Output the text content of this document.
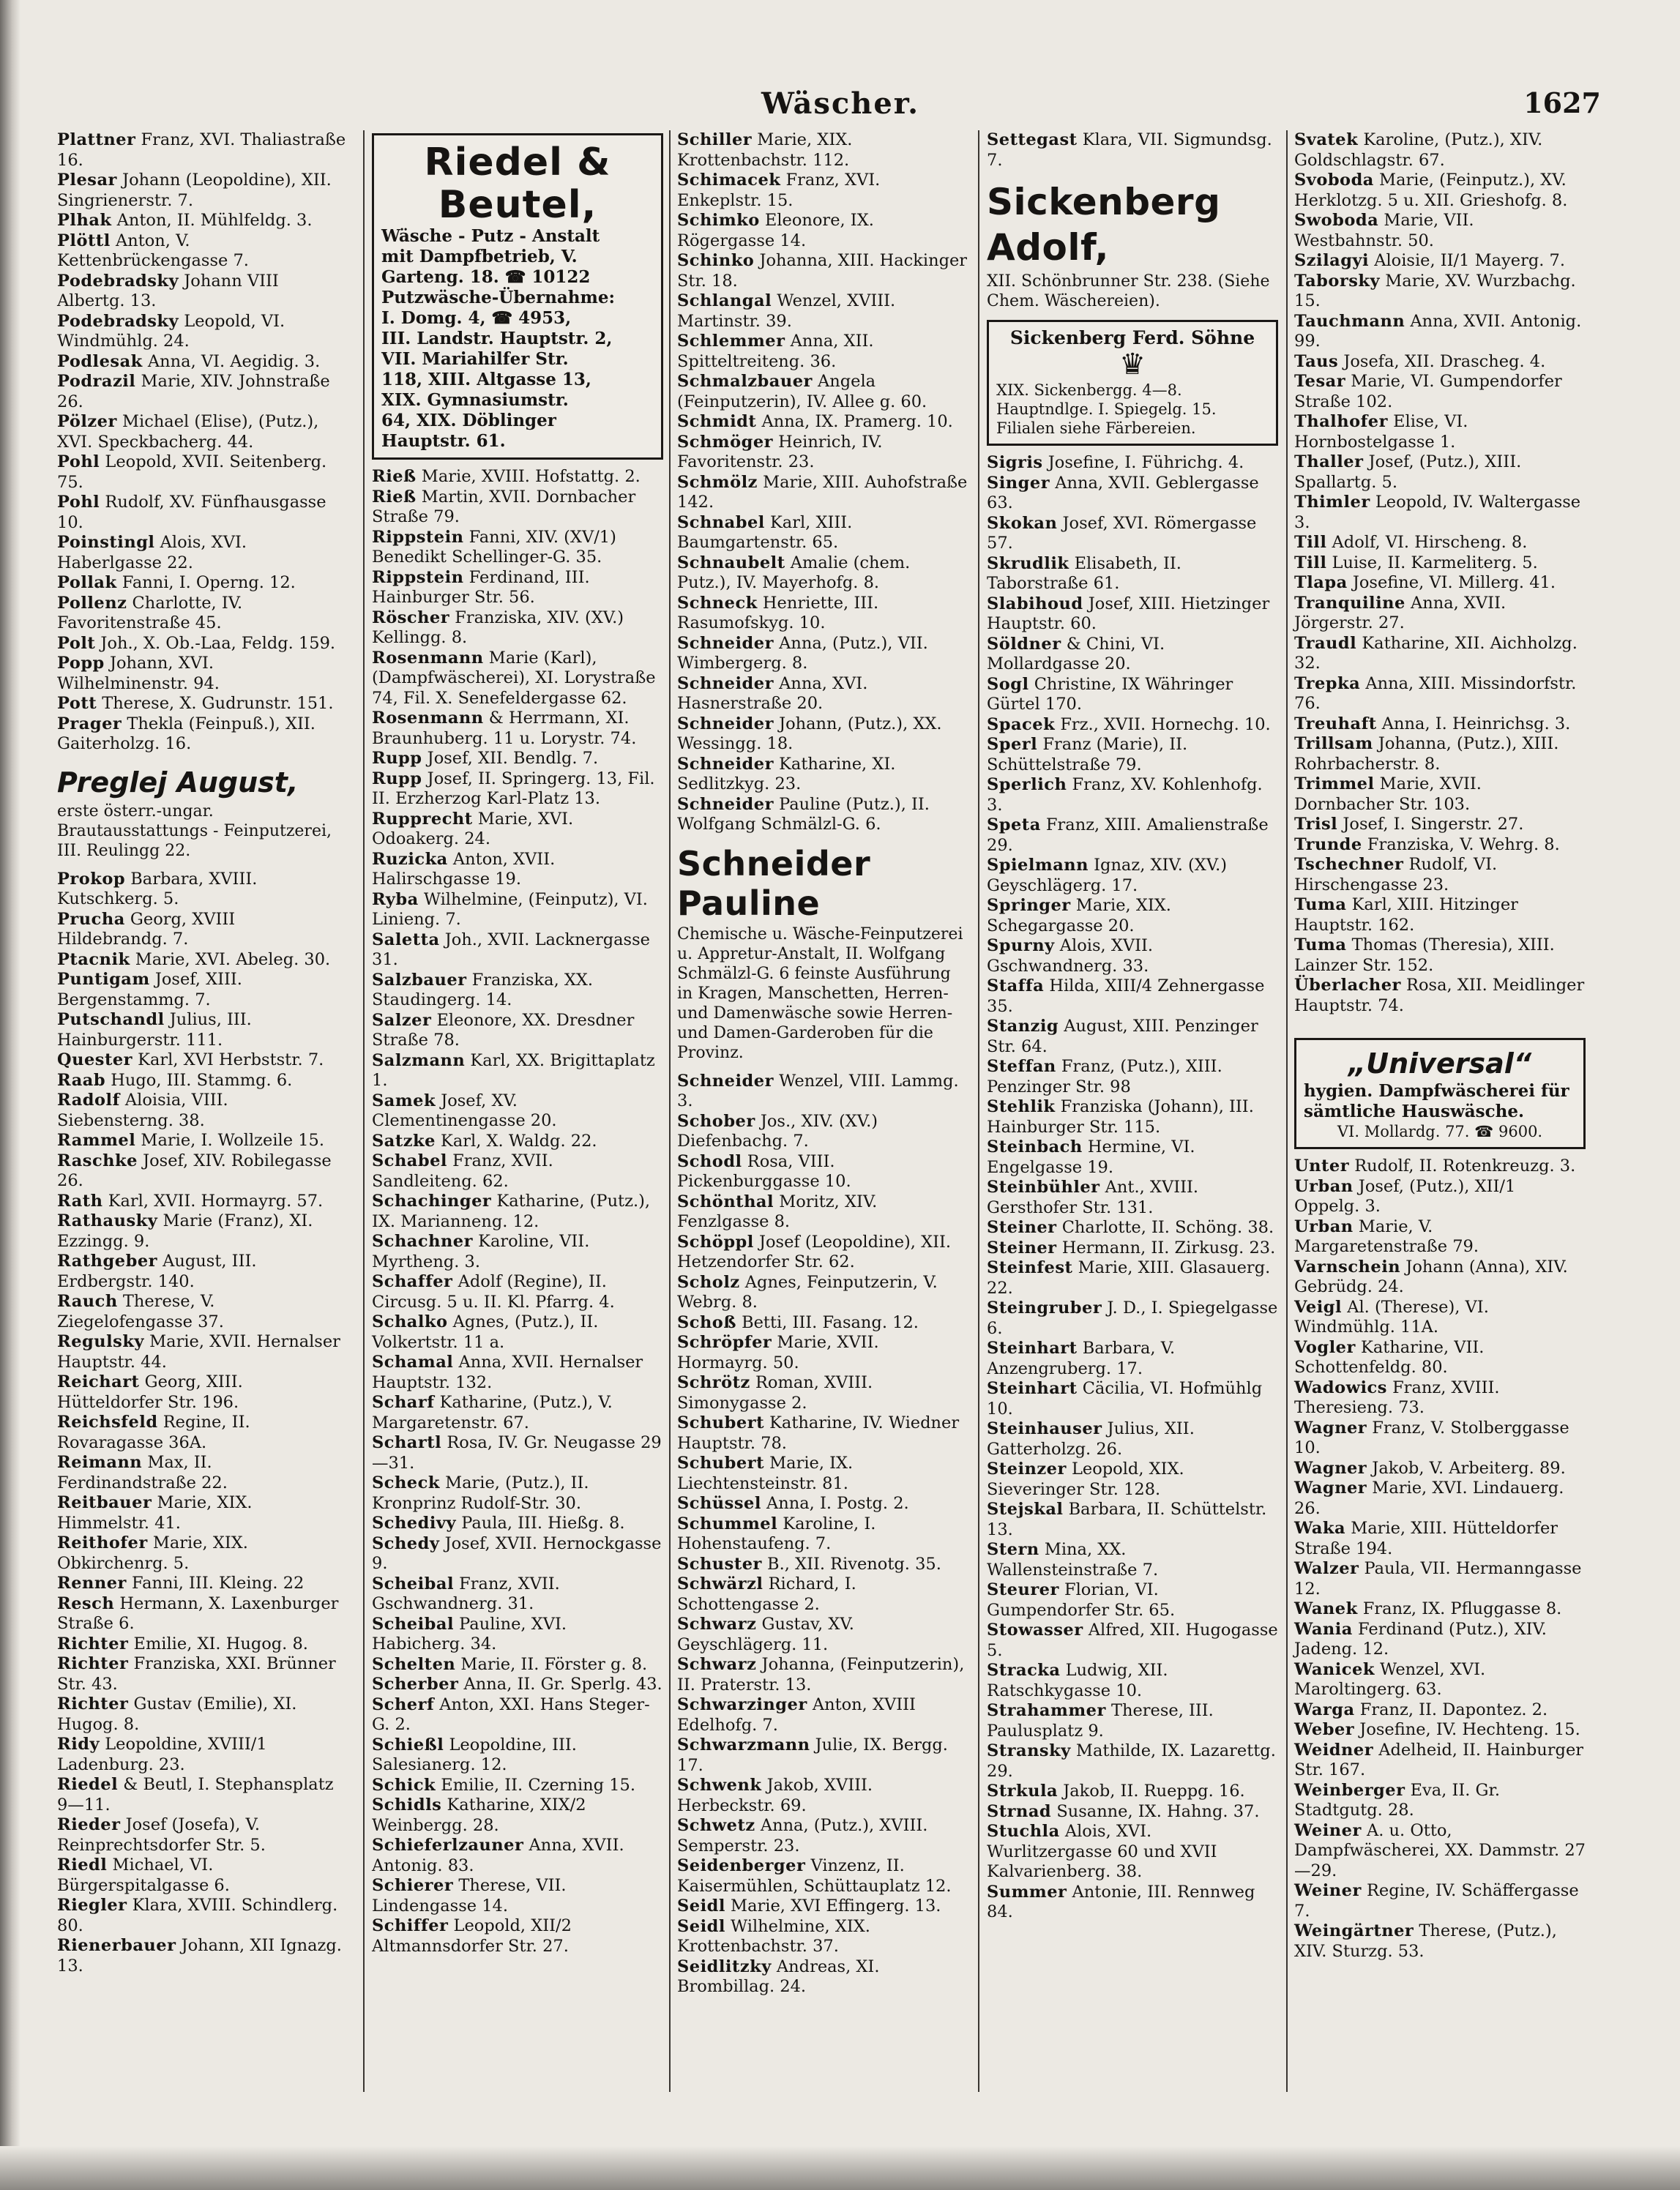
Wäscher.	1627
Plattner Franz, XVI. Thaliastraße 16.
Plesar Johann (Leopoldine), XII. Singrienerstr. 7.
Plhak Anton, II. Mühlfeldg. 3.
Plöttl Anton, V. Kettenbrückengasse 7.
Podebradsky Johann VIII Albertg. 13.
Podebradsky Leopold, VI. Windmühlg. 24.
Podlesak Anna, VI. Aegidig. 3.
Podrazil Marie, XIV. Johnstraße 26.
Pölzer Michael (Elise), (Putz.), XVI. Speckbacherg. 44.
Pohl Leopold, XVII. Seitenberg. 75.
Pohl Rudolf, XV. Fünfhausgasse 10.
Poinstingl Alois, XVI. Haberlgasse 22.
Pollak Fanni, I. Operng. 12.
Pollenz Charlotte, IV. Favoritenstraße 45.
Polt Joh., X. Ob.-Laa, Feldg. 159.
Popp Johann, XVI. Wilhelminenstr. 94.
Pott Therese, X. Gudrunstr. 151.
Prager Thekla (Feinpuß.), XII. Gaiterholzg. 16.
Preglej August,
erste österr.-ungar. Brautausstattungs - Feinputzerei, III. Reulingg 22.
Prokop Barbara, XVIII. Kutschkerg. 5.
Prucha Georg, XVIII Hildebrandg. 7.
Ptacnik Marie, XVI. Abeleg. 30.
Puntigam Josef, XIII. Bergenstammg. 7.
Putschandl Julius, III. Hainburgerstr. 111.
Quester Karl, XVI Herbststr. 7.
Raab Hugo, III. Stammg. 6.
Radolf Aloisia, VIII. Siebensterng. 38.
Rammel Marie, I. Wollzeile 15.
Raschke Josef, XIV. Robilegasse 26.
Rath Karl, XVII. Hormayrg. 57.
Rathausky Marie (Franz), XI. Ezzingg. 9.
Rathgeber August, III. Erdbergstr. 140.
Rauch Therese, V. Ziegelofengasse 37.
Regulsky Marie, XVII. Hernalser Hauptstr. 44.
Reichart Georg, XIII. Hütteldorfer Str. 196.
Reichsfeld Regine, II. Rovaragasse 36A.
Reimann Max, II. Ferdinandstraße 22.
Reitbauer Marie, XIX. Himmelstr. 41.
Reithofer Marie, XIX. Obkirchenrg. 5.
Renner Fanni, III. Kleing. 22
Resch Hermann, X. Laxenburger Straße 6.
Richter Emilie, XI. Hugog. 8.
Richter Franziska, XXI. Brünner Str. 43.
Richter Gustav (Emilie), XI. Hugog. 8.
Ridy Leopoldine, XVIII/1 Ladenburg. 23.
Riedel & Beutl, I. Stephansplatz 9—11.
Rieder Josef (Josefa), V. Reinprechtsdorfer Str. 5.
Riedl Michael, VI. Bürgerspitalgasse 6.
Riegler Klara, XVIII. Schindlerg. 80.
Rienerbauer Johann, XII Ignazg. 13.
Riedel & Beutel,
Wäsche - Putz - Anstalt
mit Dampfbetrieb, V.
Garteng. 18. ☎ 10122
Putzwäsche-Übernahme:
I. Domg. 4, ☎ 4953,
III. Landstr. Hauptstr. 2,
VII. Mariahilfer Str.
118, XIII. Altgasse 13,
XIX. Gymnasiumstr.
64, XIX. Döblinger
Hauptstr. 61.
Rieß Marie, XVIII. Hofstattg. 2.
Rieß Martin, XVII. Dornbacher Straße 79.
Rippstein Fanni, XIV. (XV/1) Benedikt Schellinger-G. 35.
Rippstein Ferdinand, III. Hainburger Str. 56.
Röscher Franziska, XIV. (XV.) Kellingg. 8.
Rosenmann Marie (Karl), (Dampfwäscherei), XI. Lorystraße 74, Fil. X. Senefeldergasse 62.
Rosenmann & Herrmann, XI. Braunhuberg. 11 u. Lorystr. 74.
Rupp Josef, XII. Bendlg. 7.
Rupp Josef, II. Springerg. 13, Fil. II. Erzherzog Karl-Platz 13.
Rupprecht Marie, XVI. Odoakerg. 24.
Ruzicka Anton, XVII. Halirschgasse 19.
Ryba Wilhelmine, (Feinputz), VI. Linieng. 7.
Saletta Joh., XVII. Lacknergasse 31.
Salzbauer Franziska, XX. Staudingerg. 14.
Salzer Eleonore, XX. Dresdner Straße 78.
Salzmann Karl, XX. Brigittaplatz 1.
Samek Josef, XV. Clementinengasse 20.
Satzke Karl, X. Waldg. 22.
Schabel Franz, XVII. Sandleiteng. 62.
Schachinger Katharine, (Putz.), IX. Marianneng. 12.
Schachner Karoline, VII. Myrtheng. 3.
Schaffer Adolf (Regine), II. Circusg. 5 u. II. Kl. Pfarrg. 4.
Schalko Agnes, (Putz.), II. Volkertstr. 11 a.
Schamal Anna, XVII. Hernalser Hauptstr. 132.
Scharf Katharine, (Putz.), V. Margaretenstr. 67.
Schartl Rosa, IV. Gr. Neugasse 29—31.
Scheck Marie, (Putz.), II. Kronprinz Rudolf-Str. 30.
Schedivy Paula, III. Hießg. 8.
Schedy Josef, XVII. Hernockgasse 9.
Scheibal Franz, XVII. Gschwandnerg. 31.
Scheibal Pauline, XVI. Habicherg. 34.
Schelten Marie, II. Förster g. 8.
Scherber Anna, II. Gr. Sperlg. 43.
Scherf Anton, XXI. Hans Steger-G. 2.
Schießl Leopoldine, III. Salesianerg. 12.
Schick Emilie, II. Czerning 15.
Schidls Katharine, XIX/2 Weinbergg. 28.
Schieferlzauner Anna, XVII. Antonig. 83.
Schierer Therese, VII. Lindengasse 14.
Schiffer Leopold, XII/2 Altmannsdorfer Str. 27.
Schiller Marie, XIX. Krottenbachstr. 112.
Schimacek Franz, XVI. Enkeplstr. 15.
Schimko Eleonore, IX. Rögergasse 14.
Schinko Johanna, XIII. Hackinger Str. 18.
Schlangal Wenzel, XVIII. Martinstr. 39.
Schlemmer Anna, XII. Spitteltreiteng. 36.
Schmalzbauer Angela (Feinputzerin), IV. Allee g. 60.
Schmidt Anna, IX. Pramerg. 10.
Schmöger Heinrich, IV. Favoritenstr. 23.
Schmölz Marie, XIII. Auhofstraße 142.
Schnabel Karl, XIII. Baumgartenstr. 65.
Schnaubelt Amalie (chem. Putz.), IV. Mayerhofg. 8.
Schneck Henriette, III. Rasumofskyg. 10.
Schneider Anna, (Putz.), VII. Wimbergerg. 8.
Schneider Anna, XVI. Hasnerstraße 20.
Schneider Johann, (Putz.), XX. Wessingg. 18.
Schneider Katharine, XI. Sedlitzkyg. 23.
Schneider Pauline (Putz.), II. Wolfgang Schmälzl-G. 6.
Schneider Pauline
Chemische u. Wäsche-Feinputzerei u. Appretur-Anstalt, II. Wolfgang Schmälzl-G. 6 feinste Ausführung in Kragen, Manschetten, Herren- und Damenwäsche sowie Herren- und Damen-Garderoben für die Provinz.
Schneider Wenzel, VIII. Lammg. 3.
Schober Jos., XIV. (XV.) Diefenbachg. 7.
Schodl Rosa, VIII. Pickenburggasse 10.
Schönthal Moritz, XIV. Fenzlgasse 8.
Schöppl Josef (Leopoldine), XII. Hetzendorfer Str. 62.
Scholz Agnes, Feinputzerin, V. Webrg. 8.
Schoß Betti, III. Fasang. 12.
Schröpfer Marie, XVII. Hormayrg. 50.
Schrötz Roman, XVIII. Simonygasse 2.
Schubert Katharine, IV. Wiedner Hauptstr. 78.
Schubert Marie, IX. Liechtensteinstr. 81.
Schüssel Anna, I. Postg. 2.
Schummel Karoline, I. Hohenstaufeng. 7.
Schuster B., XII. Rivenotg. 35.
Schwärzl Richard, I. Schottengasse 2.
Schwarz Gustav, XV. Geyschlägerg. 11.
Schwarz Johanna, (Feinputzerin), II. Praterstr. 13.
Schwarzinger Anton, XVIII Edelhofg. 7.
Schwarzmann Julie, IX. Bergg. 17.
Schwenk Jakob, XVIII. Herbeckstr. 69.
Schwetz Anna, (Putz.), XVIII. Semperstr. 23.
Seidenberger Vinzenz, II. Kaisermühlen, Schüttauplatz 12.
Seidl Marie, XVI Effingerg. 13.
Seidl Wilhelmine, XIX. Krottenbachstr. 37.
Seidlitzky Andreas, XI. Brombillag. 24.
Settegast Klara, VII. Sigmundsg. 7.
Sickenberg Adolf,
XII. Schönbrunner Str. 238. (Siehe Chem. Wäschereien).
Sickenberg Ferd. Söhne
♛
XIX. Sickenbergg. 4—8. Hauptndlge. I. Spiegelg. 15. Filialen siehe Färbereien.
Sigris Josefine, I. Führichg. 4.
Singer Anna, XVII. Geblergasse 63.
Skokan Josef, XVI. Römergasse 57.
Skrudlik Elisabeth, II. Taborstraße 61.
Slabihoud Josef, XIII. Hietzinger Hauptstr. 60.
Söldner & Chini, VI. Mollardgasse 20.
Sogl Christine, IX Währinger Gürtel 170.
Spacek Frz., XVII. Hornechg. 10.
Sperl Franz (Marie), II. Schüttelstraße 79.
Sperlich Franz, XV. Kohlenhofg. 3.
Speta Franz, XIII. Amalienstraße 29.
Spielmann Ignaz, XIV. (XV.) Geyschlägerg. 17.
Springer Marie, XIX. Schegargasse 20.
Spurny Alois, XVII. Gschwandnerg. 33.
Staffa Hilda, XIII/4 Zehnergasse 35.
Stanzig August, XIII. Penzinger Str. 64.
Steffan Franz, (Putz.), XIII. Penzinger Str. 98
Stehlik Franziska (Johann), III. Hainburger Str. 115.
Steinbach Hermine, VI. Engelgasse 19.
Steinbühler Ant., XVIII. Gersthofer Str. 131.
Steiner Charlotte, II. Schöng. 38.
Steiner Hermann, II. Zirkusg. 23.
Steinfest Marie, XIII. Glasauerg. 22.
Steingruber J. D., I. Spiegelgasse 6.
Steinhart Barbara, V. Anzengruberg. 17.
Steinhart Cäcilia, VI. Hofmühlg 10.
Steinhauser Julius, XII. Gatterholzg. 26.
Steinzer Leopold, XIX. Sieveringer Str. 128.
Stejskal Barbara, II. Schüttelstr. 13.
Stern Mina, XX. Wallensteinstraße 7.
Steurer Florian, VI. Gumpendorfer Str. 65.
Stowasser Alfred, XII. Hugogasse 5.
Stracka Ludwig, XII. Ratschkygasse 10.
Strahammer Therese, III. Paulusplatz 9.
Stransky Mathilde, IX. Lazarettg. 29.
Strkula Jakob, II. Rueppg. 16.
Strnad Susanne, IX. Hahng. 37.
Stuchla Alois, XVI. Wurlitzergasse 60 und XVII Kalvarienberg. 38.
Summer Antonie, III. Rennweg 84.
Svatek Karoline, (Putz.), XIV. Goldschlagstr. 67.
Svoboda Marie, (Feinputz.), XV. Herklotzg. 5 u. XII. Grieshofg. 8.
Swoboda Marie, VII. Westbahnstr. 50.
Szilagyi Aloisie, II/1 Mayerg. 7.
Taborsky Marie, XV. Wurzbachg. 15.
Tauchmann Anna, XVII. Antonig. 99.
Taus Josefa, XII. Drascheg. 4.
Tesar Marie, VI. Gumpendorfer Straße 102.
Thalhofer Elise, VI. Hornbostelgasse 1.
Thaller Josef, (Putz.), XIII. Spallartg. 5.
Thimler Leopold, IV. Waltergasse 3.
Till Adolf, VI. Hirscheng. 8.
Till Luise, II. Karmeliterg. 5.
Tlapa Josefine, VI. Millerg. 41.
Tranquiline Anna, XVII. Jörgerstr. 27.
Traudl Katharine, XII. Aichholzg. 32.
Trepka Anna, XIII. Missindorfstr. 76.
Treuhaft Anna, I. Heinrichsg. 3.
Trillsam Johanna, (Putz.), XIII. Rohrbacherstr. 8.
Trimmel Marie, XVII. Dornbacher Str. 103.
Trisl Josef, I. Singerstr. 27.
Trunde Franziska, V. Wehrg. 8.
Tschechner Rudolf, VI. Hirschengasse 23.
Tuma Karl, XIII. Hitzinger Hauptstr. 162.
Tuma Thomas (Theresia), XIII. Lainzer Str. 152.
Überlacher Rosa, XII. Meidlinger Hauptstr. 74.
„Universal“
hygien. Dampfwäscherei für sämtliche Hauswäsche.
VI. Mollardg. 77. ☎ 9600.
Unter Rudolf, II. Rotenkreuzg. 3.
Urban Josef, (Putz.), XII/1 Oppelg. 3.
Urban Marie, V. Margaretenstraße 79.
Varnschein Johann (Anna), XIV. Gebrüdg. 24.
Veigl Al. (Therese), VI. Windmühlg. 11A.
Vogler Katharine, VII. Schottenfeldg. 80.
Wadowics Franz, XVIII. Theresieng. 73.
Wagner Franz, V. Stolberggasse 10.
Wagner Jakob, V. Arbeiterg. 89.
Wagner Marie, XVI. Lindauerg. 26.
Waka Marie, XIII. Hütteldorfer Straße 194.
Walzer Paula, VII. Hermanngasse 12.
Wanek Franz, IX. Pfluggasse 8.
Wania Ferdinand (Putz.), XIV. Jadeng. 12.
Wanicek Wenzel, XVI. Maroltingerg. 63.
Warga Franz, II. Dapontez. 2.
Weber Josefine, IV. Hechteng. 15.
Weidner Adelheid, II. Hainburger Str. 167.
Weinberger Eva, II. Gr. Stadtgutg. 28.
Weiner A. u. Otto, Dampfwäscherei, XX. Dammstr. 27—29.
Weiner Regine, IV. Schäffergasse 7.
Weingärtner Therese, (Putz.), XIV. Sturzg. 53.
